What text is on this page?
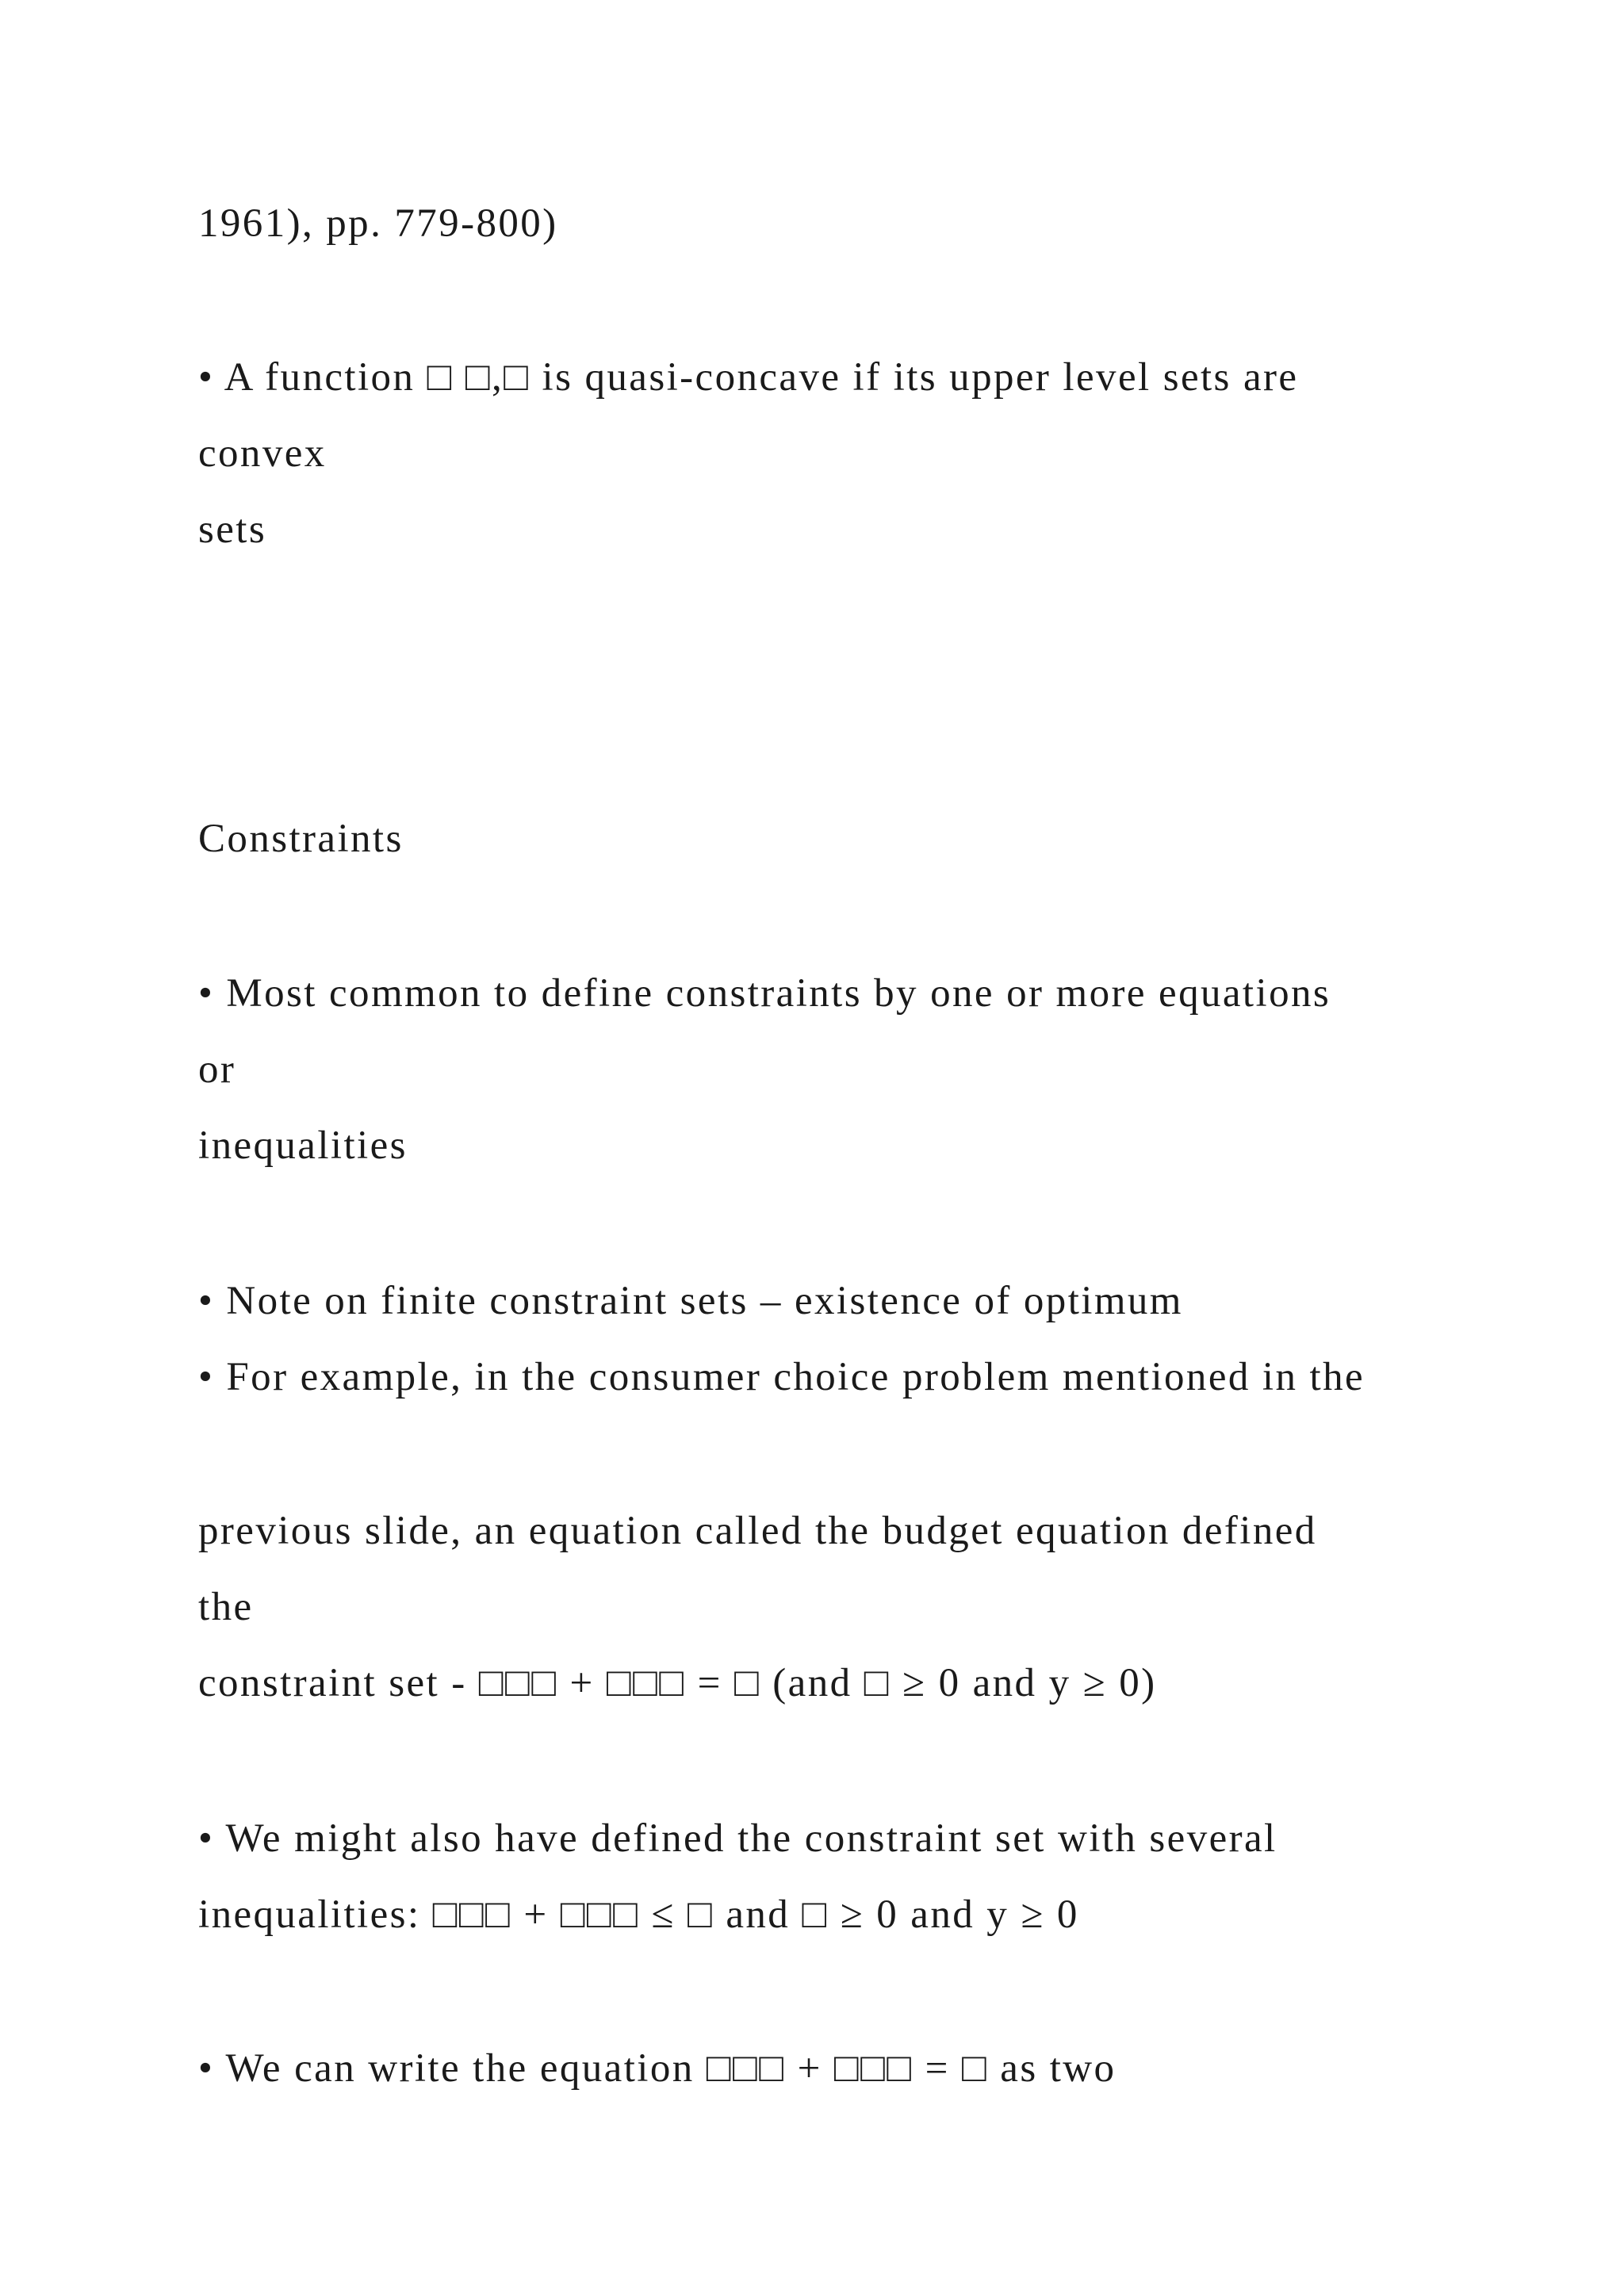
1961), pp. 779-800)

• A function □ □,□ is quasi-concave if its upper level sets are

convex

sets

Constraints

• Most common to define constraints by one or more equations

or

inequalities

• Note on finite constraint sets – existence of optimum

• For example, in the consumer choice problem mentioned in the

previous slide, an equation called the budget equation defined

the

constraint set - □□□ + □□□ = □ (and □ ≥ 0 and y ≥ 0)

• We might also have defined the constraint set with several

inequalities: □□□ + □□□ ≤ □ and □ ≥ 0 and y ≥ 0

• We can write the equation □□□ + □□□ = □ as two
